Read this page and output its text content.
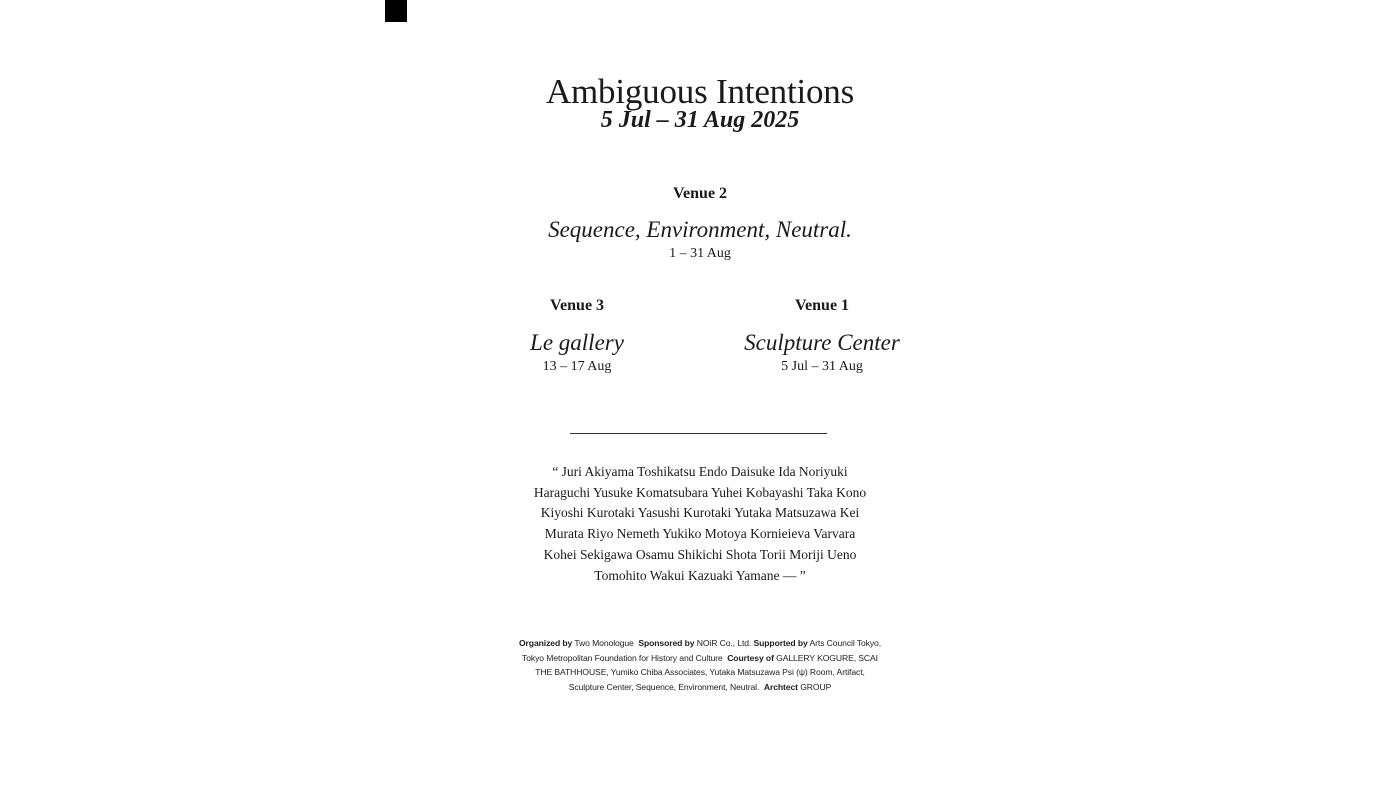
Ambiguous Intentions
5 Jul – 31 Aug 2025
Venue 2
Sequence, Environment, Neutral.
1 – 31 Aug
Venue 3
Le gallery
13 – 17 Aug
Venue 1
Sculpture Center
5 Jul – 31 Aug
“ Juri Akiyama Toshikatsu Endo Daisuke Ida Noriyuki Haraguchi Yusuke Komatsubara Yuhei Kobayashi Taka Kono Kiyoshi Kurotaki Yasushi Kurotaki Yutaka Matsuzawa Kei Murata Riyo Nemeth Yukiko Motoya Kornieieva Varvara Kohei Sekigawa Osamu Shikichi Shota Torii Moriji Ueno Tomohito Wakui Kazuaki Yamane — ”
Organized by Two Monologue Sponsored by NOiR Co., Ltd. Supported by Arts Council Tokyo, Tokyo Metropolitan Foundation for History and Culture Courtesy of GALLERY KOGURE, SCAI THE BATHHOUSE, Yumiko Chiba Associates, Yutaka Matsuzawa Psi (ψ) Room, Artifact, Sculpture Center, Sequence, Environment, Neutral. Archtect GROUP
